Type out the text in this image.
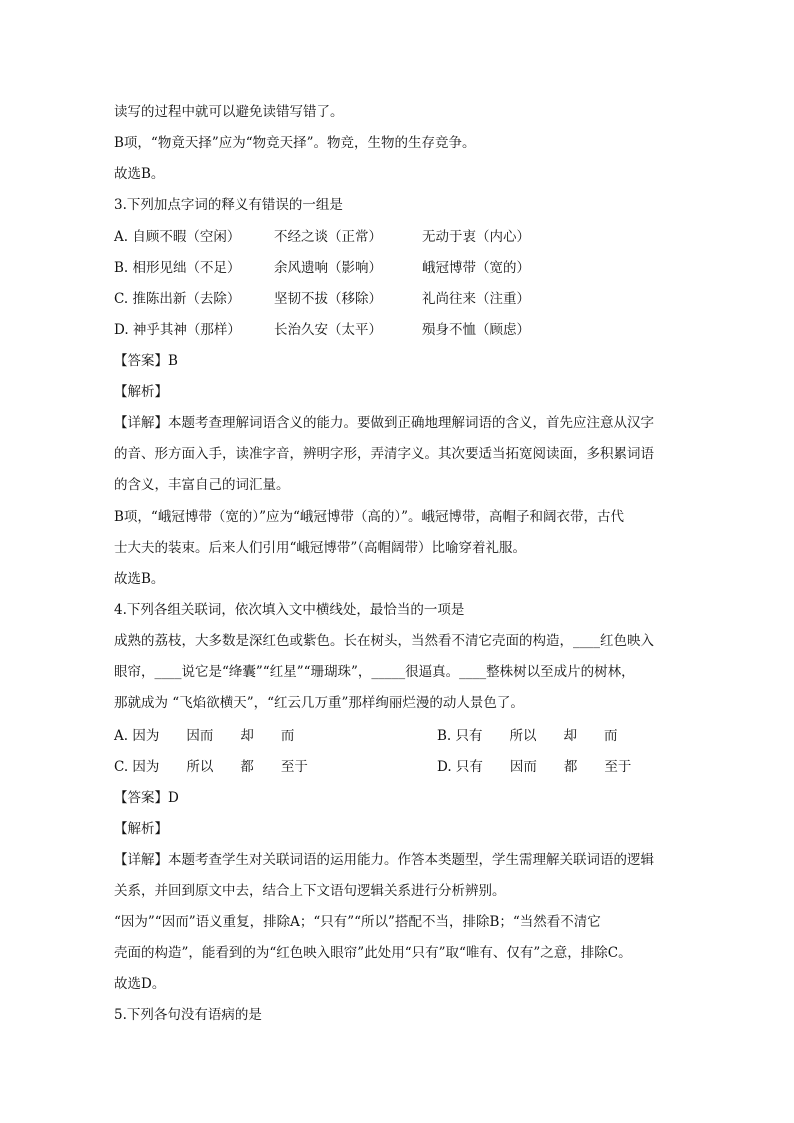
读写的过程中就可以避免读错写错了。
B项，“物竟天择”应为“物竞天择”。物竞，生物的生存竞争。
故选B。
3.下列加点字词的释义有错误的一组是
A. 自顾不暇（空闲） 不经之谈（正常）	无动于衷（内心）
B. 相形见绌（不足） 余风遗响（影响）	峨冠博带（宽的）
C. 推陈出新（去除） 坚韧不拔（移除）	礼尚往来（注重）
D. 神乎其神（那样） 长治久安（太平）	殒身不恤（顾虑）
【答案】B
【解析】
【详解】本题考查理解词语含义的能力。要做到正确地理解词语的含义，首先应注意从汉字
的音、形方面入手，读准字音，辨明字形，弄清字义。其次要适当拓宽阅读面，多积累词语
的含义，丰富自己的词汇量。
B项，“峨冠博带（宽的）”应为“峨冠博带（高的）”。峨冠博带，高帽子和阔衣带，古代
士大夫的装束。后来人们引用“峨冠博带”（高帽阔带）比喻穿着礼服。
故选B。
4.下列各组关联词，依次填入文中横线处，最恰当的一项是
成熟的荔枝，大多数是深红色或紫色。长在树头，当然看不清它壳面的构造，____红色映入
眼帘，____说它是“绛囊”“红星”“珊瑚珠”，_____很逼真。____整株树以至成片的树林，
那就成为 “飞焰欲横天”，“红云几万重”那样绚丽烂漫的动人景色了。
A. 因为　　因而　　却　　而	B. 只有　　所以　　却　　而
C. 因为　　所以　　都　　至于	D. 只有　　因而　　都　　至于
【答案】D
【解析】
【详解】本题考查学生对关联词语的运用能力。作答本类题型，学生需理解关联词语的逻辑
关系，并回到原文中去，结合上下文语句逻辑关系进行分析辨别。
“因为”“因而”语义重复，排除A；“只有”“所以”搭配不当，排除B；“当然看不清它
壳面的构造”，能看到的为“红色映入眼帘”此处用“只有”取“唯有、仅有”之意，排除C。
故选D。
5.下列各句没有语病的是
